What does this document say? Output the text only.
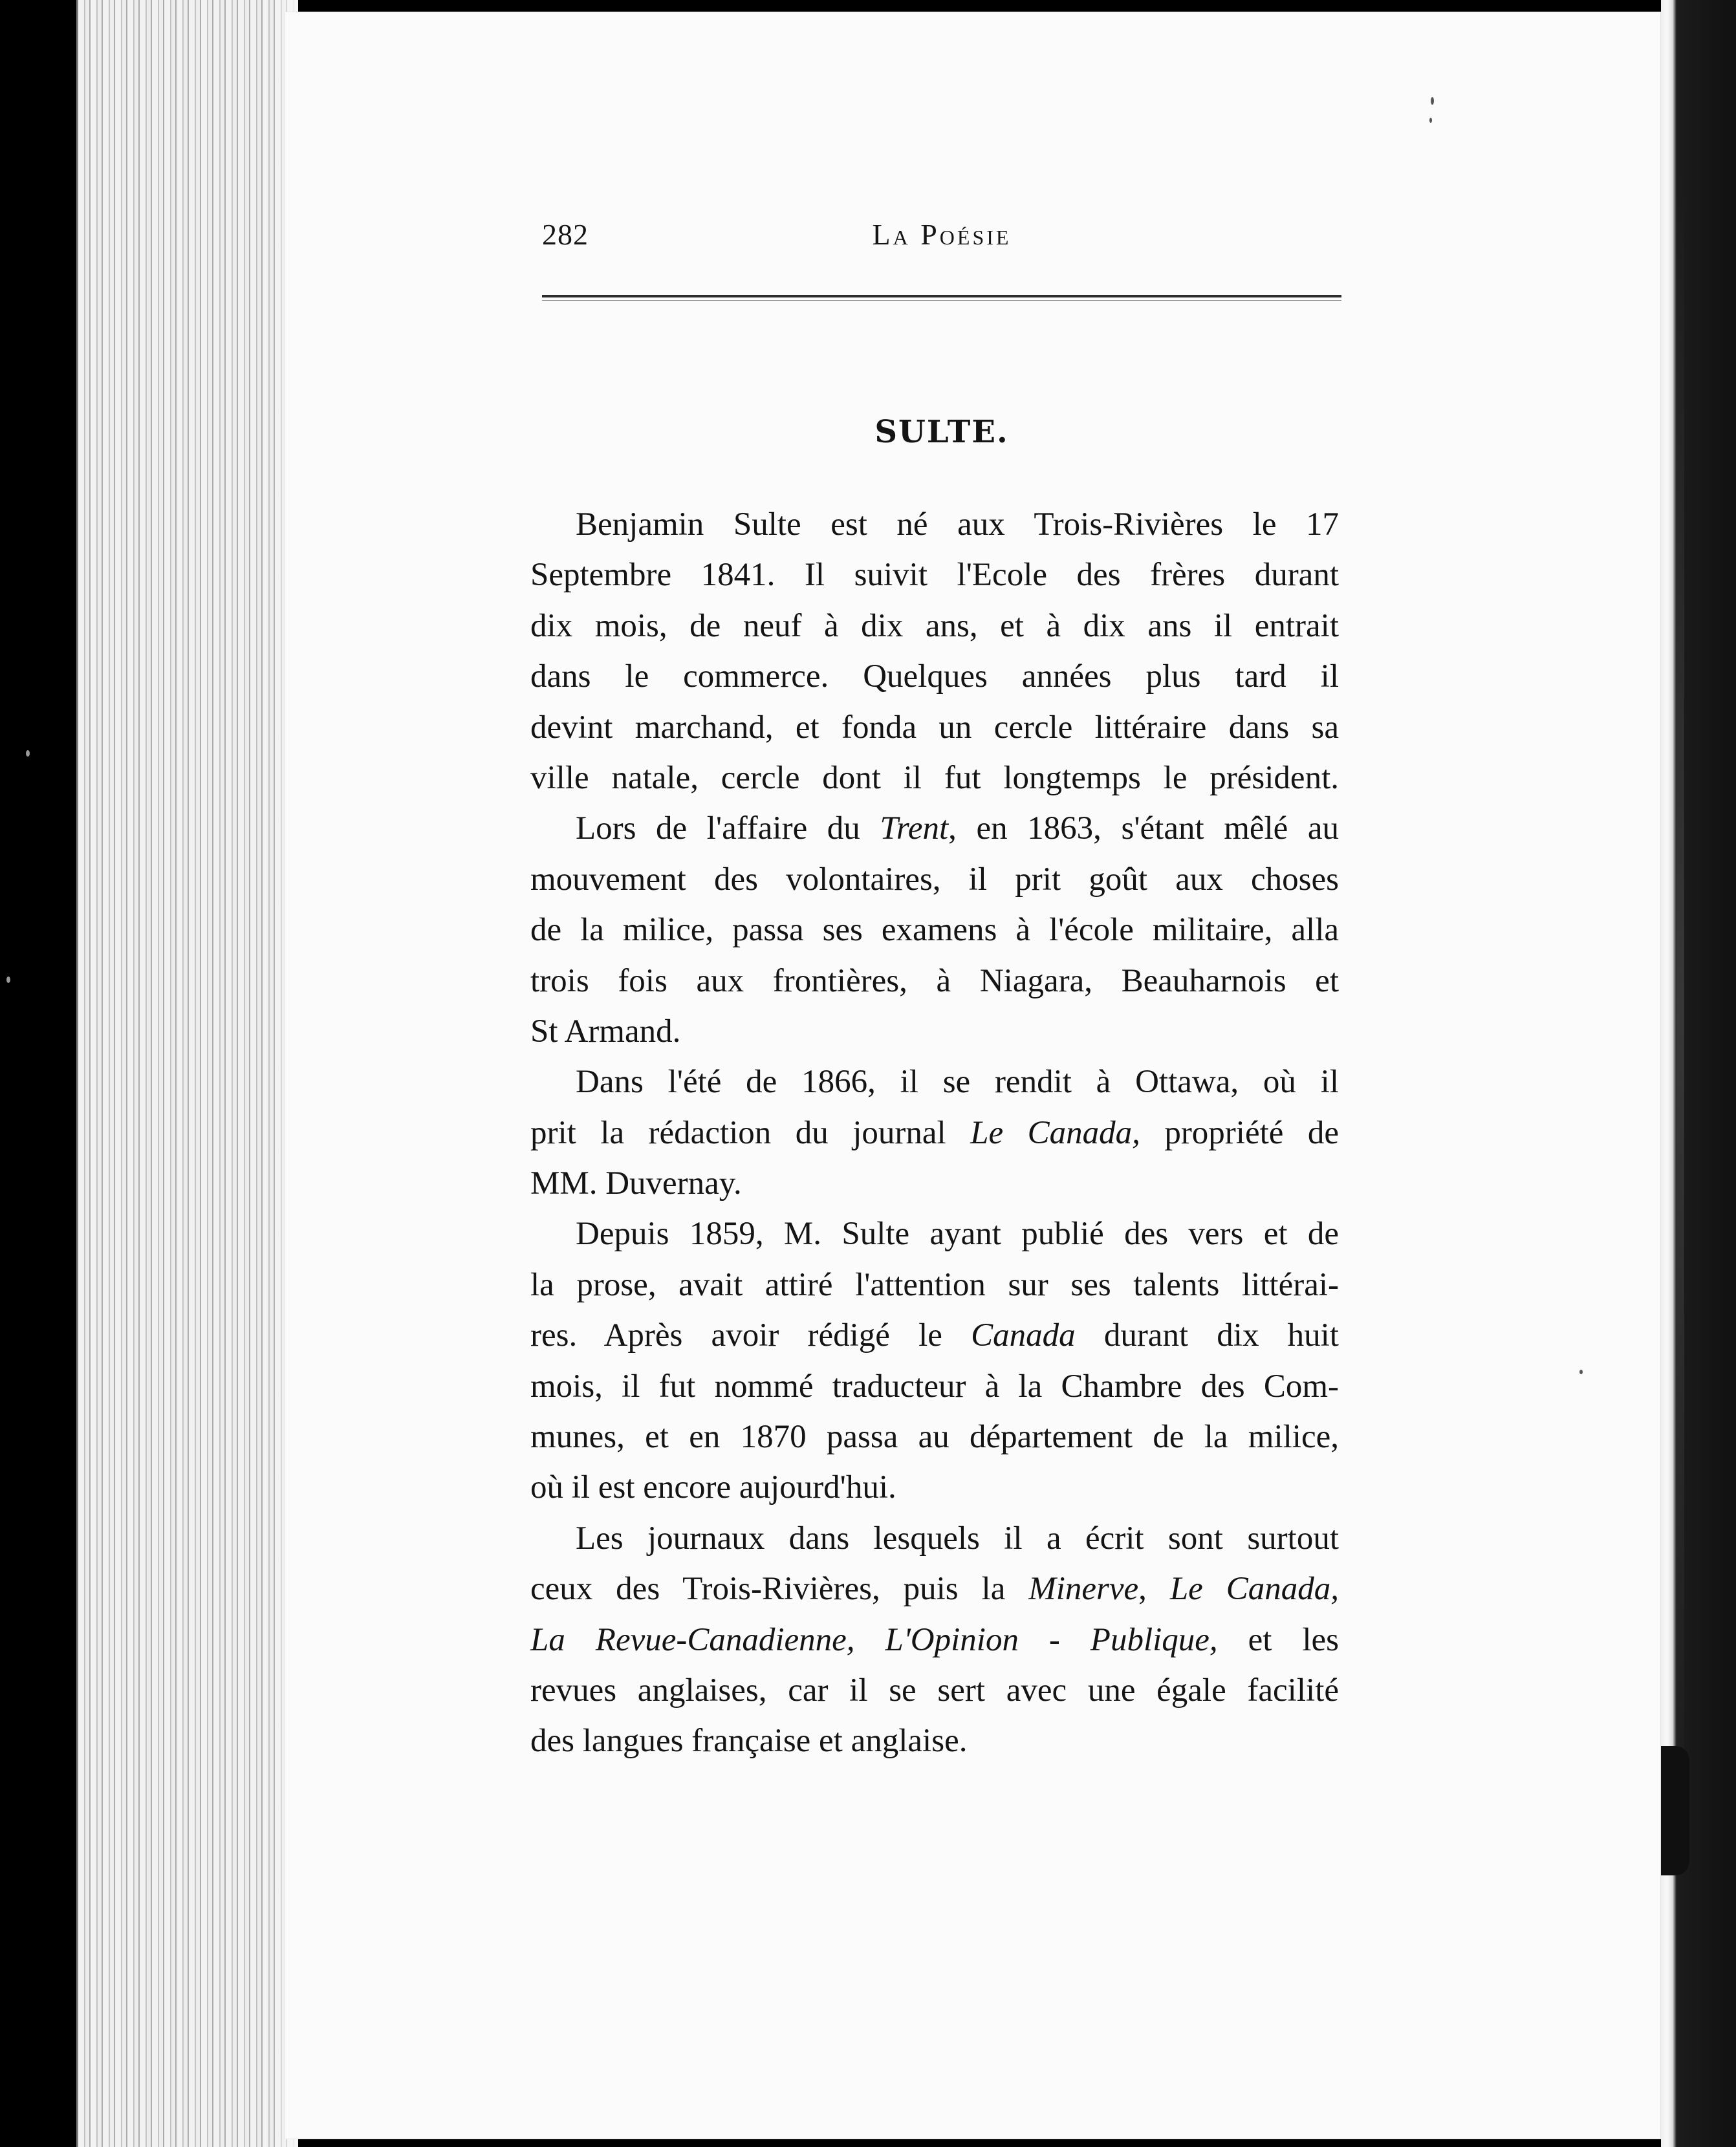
282	La Poésie
SULTE.
Benjamin Sulte est né aux Trois-Rivières le 17
Septembre 1841. Il suivit l'Ecole des frères durant
dix mois, de neuf à dix ans, et à dix ans il entrait
dans le commerce. Quelques années plus tard il
devint marchand, et fonda un cercle littéraire dans sa
ville natale, cercle dont il fut longtemps le président.
Lors de l'affaire du Trent, en 1863, s'étant mêlé au
mouvement des volontaires, il prit goût aux choses
de la milice, passa ses examens à l'école militaire, alla
trois fois aux frontières, à Niagara, Beauharnois et
St Armand.
Dans l'été de 1866, il se rendit à Ottawa, où il
prit la rédaction du journal Le Canada, propriété de
MM. Duvernay.
Depuis 1859, M. Sulte ayant publié des vers et de
la prose, avait attiré l'attention sur ses talents littérai-
res. Après avoir rédigé le Canada durant dix huit
mois, il fut nommé traducteur à la Chambre des Com-
munes, et en 1870 passa au département de la milice,
où il est encore aujourd'hui.
Les journaux dans lesquels il a écrit sont surtout
ceux des Trois-Rivières, puis la Minerve, Le Canada,
La Revue-Canadienne, L'Opinion - Publique, et les
revues anglaises, car il se sert avec une égale facilité
des langues française et anglaise.
